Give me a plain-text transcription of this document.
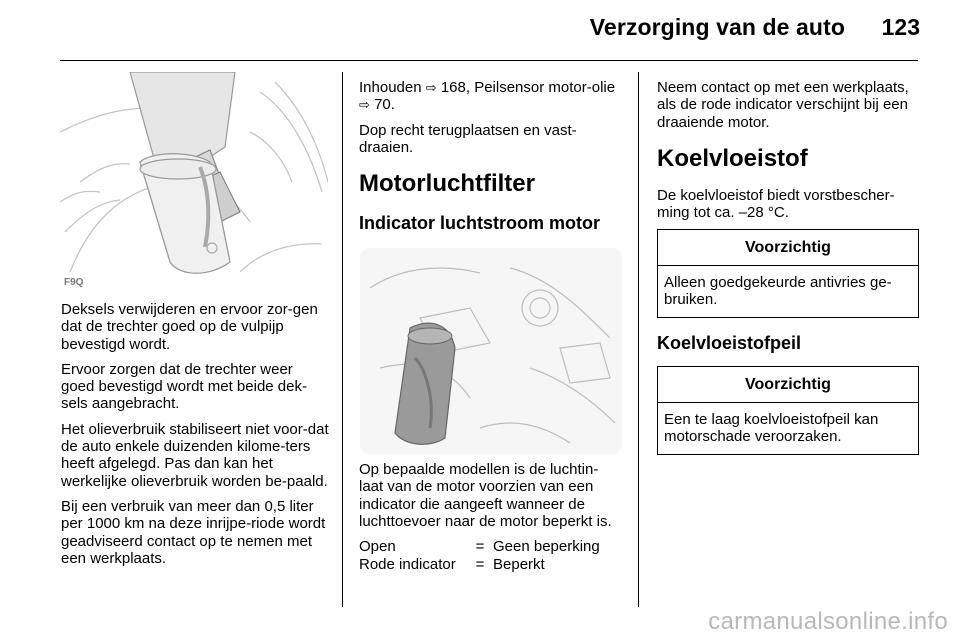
Verzorging van de auto 123
F9Q

Deksels verwijderen en ervoor zor-gen dat de trechter goed op de vulpijp bevestigd wordt.

Ervoor zorgen dat de trechter weer goed bevestigd wordt met beide dek-sels aangebracht.

Het olieverbruik stabiliseert niet voor-dat de auto enkele duizenden kilome-ters heeft afgelegd. Pas dan kan het werkelijke olieverbruik worden be-paald.

Bij een verbruik van meer dan 0,5 liter per 1000 km na deze inrijpe-riode wordt geadviseerd contact op te nemen met een werkplaats.

Inhouden ⇨ 168, Peilsensor motor-olie ⇨ 70.

Dop recht terugplaatsen en vast-draaien.

Motorluchtfilter
Indicator luchtstroom motor

Op bepaalde modellen is de luchtin-laat van de motor voorzien van een indicator die aangeeft wanneer de luchttoevoer naar de motor beperkt is.

Open	=	Geen beperking
Rode indicator	=	Beperkt

Neem contact op met een werkplaats, als de rode indicator verschijnt bij een draaiende motor.

Koelvloeistof

De koelvloeistof biedt vorstbescher-ming tot ca. –28 °C.

Voorzichtig
Alleen goedgekeurde antivries ge-bruiken.
Koelvloeistofpeil
Voorzichtig
Een te laag koelvloeistofpeil kan motorschade veroorzaken.
carmanualsonline.info
